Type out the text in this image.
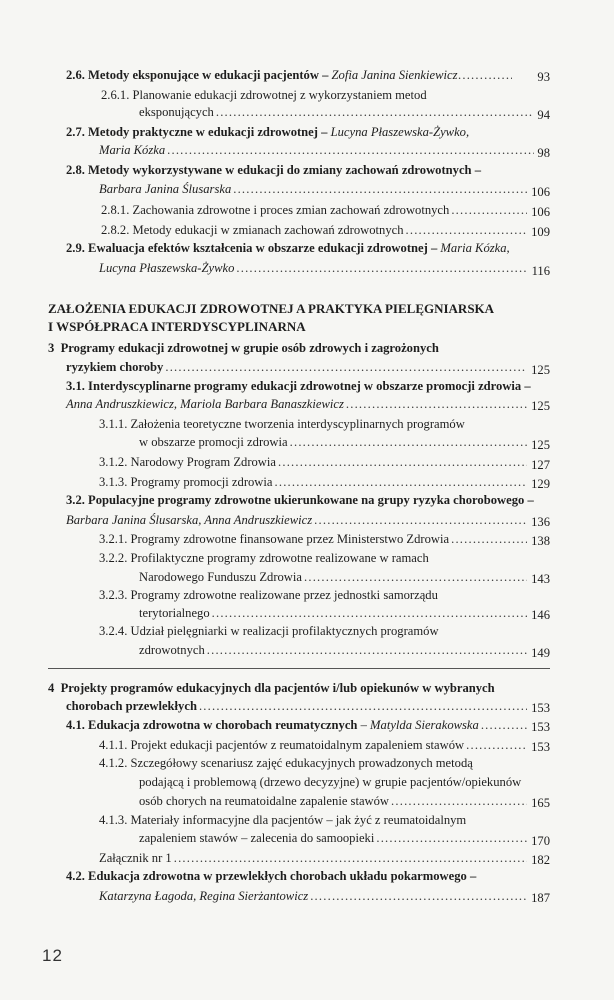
2.6. Metody eksponujące w edukacji pacjentów – Zofia Janina Sienkiewicz .....	93
2.6.1. Planowanie edukacji zdrowotnej z wykorzystaniem metod
eksponujących .....	94
2.7. Metody praktyczne w edukacji zdrowotnej – Lucyna Płaszewska-Żywko,
Maria Kózka .....	98
2.8. Metody wykorzystywane w edukacji do zmiany zachowań zdrowotnych –
Barbara Janina Ślusarska .....	106
2.8.1.
Zachowania zdrowotne i proces zmian zachowań zdrowotnych .....	106
2.8.2.
Metody edukacji w zmianach zachowań zdrowotnych .....	109
2.9. Ewaluacja efektów kształcenia w obszarze edukacji zdrowotnej – Maria Kózka,
Lucyna Płaszewska-Żywko .....	116
ZAŁOŻENIA EDUKACJI ZDROWOTNEJ A PRAKTYKA PIELĘGNIARSKA
I WSPÓŁPRACA INTERDYSCYPLINARNA
3 Programy edukacji zdrowotnej w grupie osób zdrowych i zagrożonych
ryzykiem choroby .....	125
3.1. Interdyscyplinarne programy edukacji zdrowotnej w obszarze promocji zdrowia –
Anna Andruszkiewicz, Mariola Barbara Banaszkiewicz .....	125
3.1.1. Założenia teoretyczne tworzenia interdyscyplinarnych programów
w obszarze promocji zdrowia .....	125
3.1.2.
Narodowy Program Zdrowia .....	127
3.1.3.
Programy promocji zdrowia .....	129
3.2. Populacyjne programy zdrowotne ukierunkowane na grupy ryzyka chorobowego –
Barbara Janina Ślusarska, Anna Andruszkiewicz .....	136
3.2.1.
Programy zdrowotne finansowane przez Ministerstwo Zdrowia .....	138
3.2.2. Profilaktyczne programy zdrowotne realizowane w ramach
Narodowego Funduszu Zdrowia .....	143
3.2.3. Programy zdrowotne realizowane przez jednostki samorządu
terytorialnego .....	146
3.2.4. Udział pielęgniarki w realizacji profilaktycznych programów
zdrowotnych .....	149
4 Projekty programów edukacyjnych dla pacjentów i/lub opiekunów w wybranych
chorobach przewlekłych .....	153
4.1.
Edukacja zdrowotna w chorobach reumatycznych
–
Matylda Sierakowska .....	153
4.1.1.
Projekt edukacji pacjentów z reumatoidalnym zapaleniem stawów .....	153
4.1.2. Szczegółowy scenariusz zajęć edukacyjnych prowadzonych metodą
podającą i problemową (drzewo decyzyjne) w grupie pacjentów/opiekunów
osób chorych na reumatoidalne zapalenie stawów .....	165
4.1.3. Materiały informacyjne dla pacjentów – jak żyć z reumatoidalnym
zapaleniem stawów – zalecenia do samoopieki .....	170
Załącznik nr 1 .....	182
4.2. Edukacja zdrowotna w przewlekłych chorobach układu pokarmowego –
Katarzyna Łagoda, Regina Sierżantowicz .....	187
12
